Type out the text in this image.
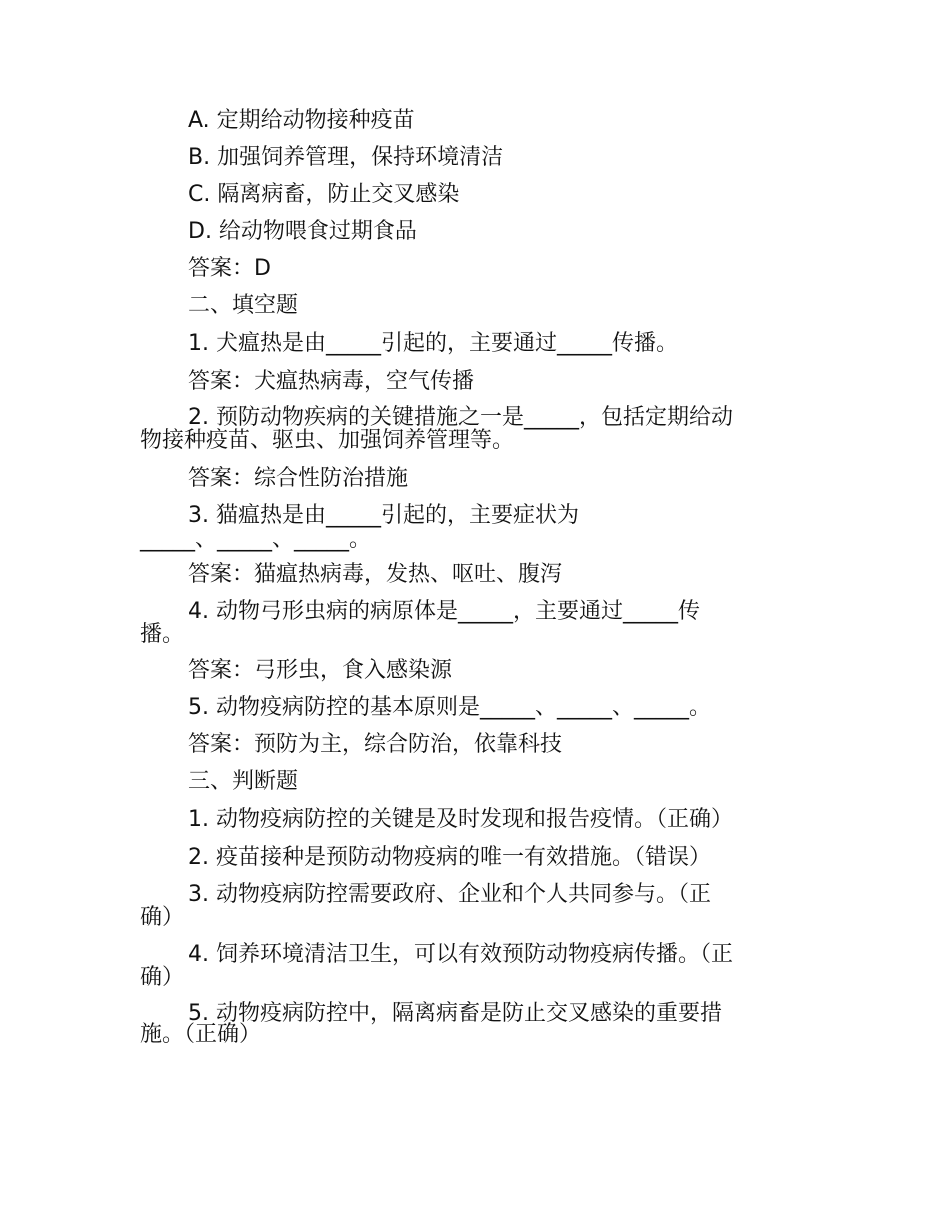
A. 定期给动物接种疫苗

B. 加强饲养管理，保持环境清洁

C. 隔离病畜，防止交叉感染

D. 给动物喂食过期食品

答案：D

二、填空题

1. 犬瘟热是由_____引起的，主要通过_____传播。

答案：犬瘟热病毒，空气传播

2. 预防动物疾病的关键措施之一是_____，包括定期给动

物接种疫苗、驱虫、加强饲养管理等。

答案：综合性防治措施

3. 猫瘟热是由_____引起的，主要症状为

_____、_____、_____。

答案：猫瘟热病毒，发热、呕吐、腹泻

4. 动物弓形虫病的病原体是_____，主要通过_____传

播。

答案：弓形虫，食入感染源

5. 动物疫病防控的基本原则是_____、_____、_____。

答案：预防为主，综合防治，依靠科技

三、判断题

1. 动物疫病防控的关键是及时发现和报告疫情。（正确）

2. 疫苗接种是预防动物疫病的唯一有效措施。（错误）

3. 动物疫病防控需要政府、企业和个人共同参与。（正

确）

4. 饲养环境清洁卫生，可以有效预防动物疫病传播。（正

确）

5. 动物疫病防控中，隔离病畜是防止交叉感染的重要措

施。（正确）
